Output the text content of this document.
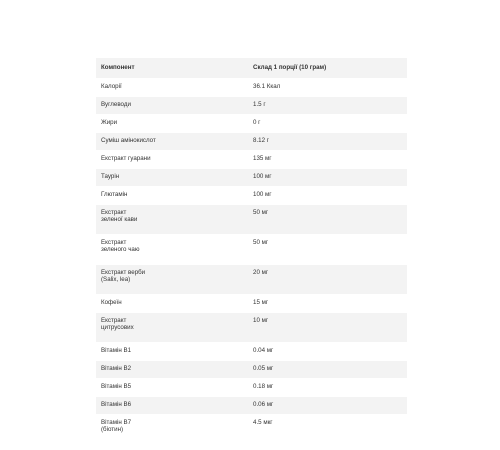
Компонент	Склад 1 порції (10 грам)
Калорії	36.1 Ккал
Вуглеводи	1.5 г
Жири	0 г
Суміш амінокислот	8.12 г
Екстракт гуарани	135 мг
Таурін	100 мг
Глютамін	100 мг
Екстракт
зеленої кави	50 мг
Екстракт
зеленого чаю	50 мг
Екстракт верби
(Salix, lea)	20 мг
Кофеїн	15 мг
Екстракт
цитрусових	10 мг
Вітамін В1	0.04 мг
Вітамін В2	0.05 мг
Вітамін В5	0.18 мг
Вітамін В6	0.06 мг
Вітамін В7
(біотин)	4.5 мкг
